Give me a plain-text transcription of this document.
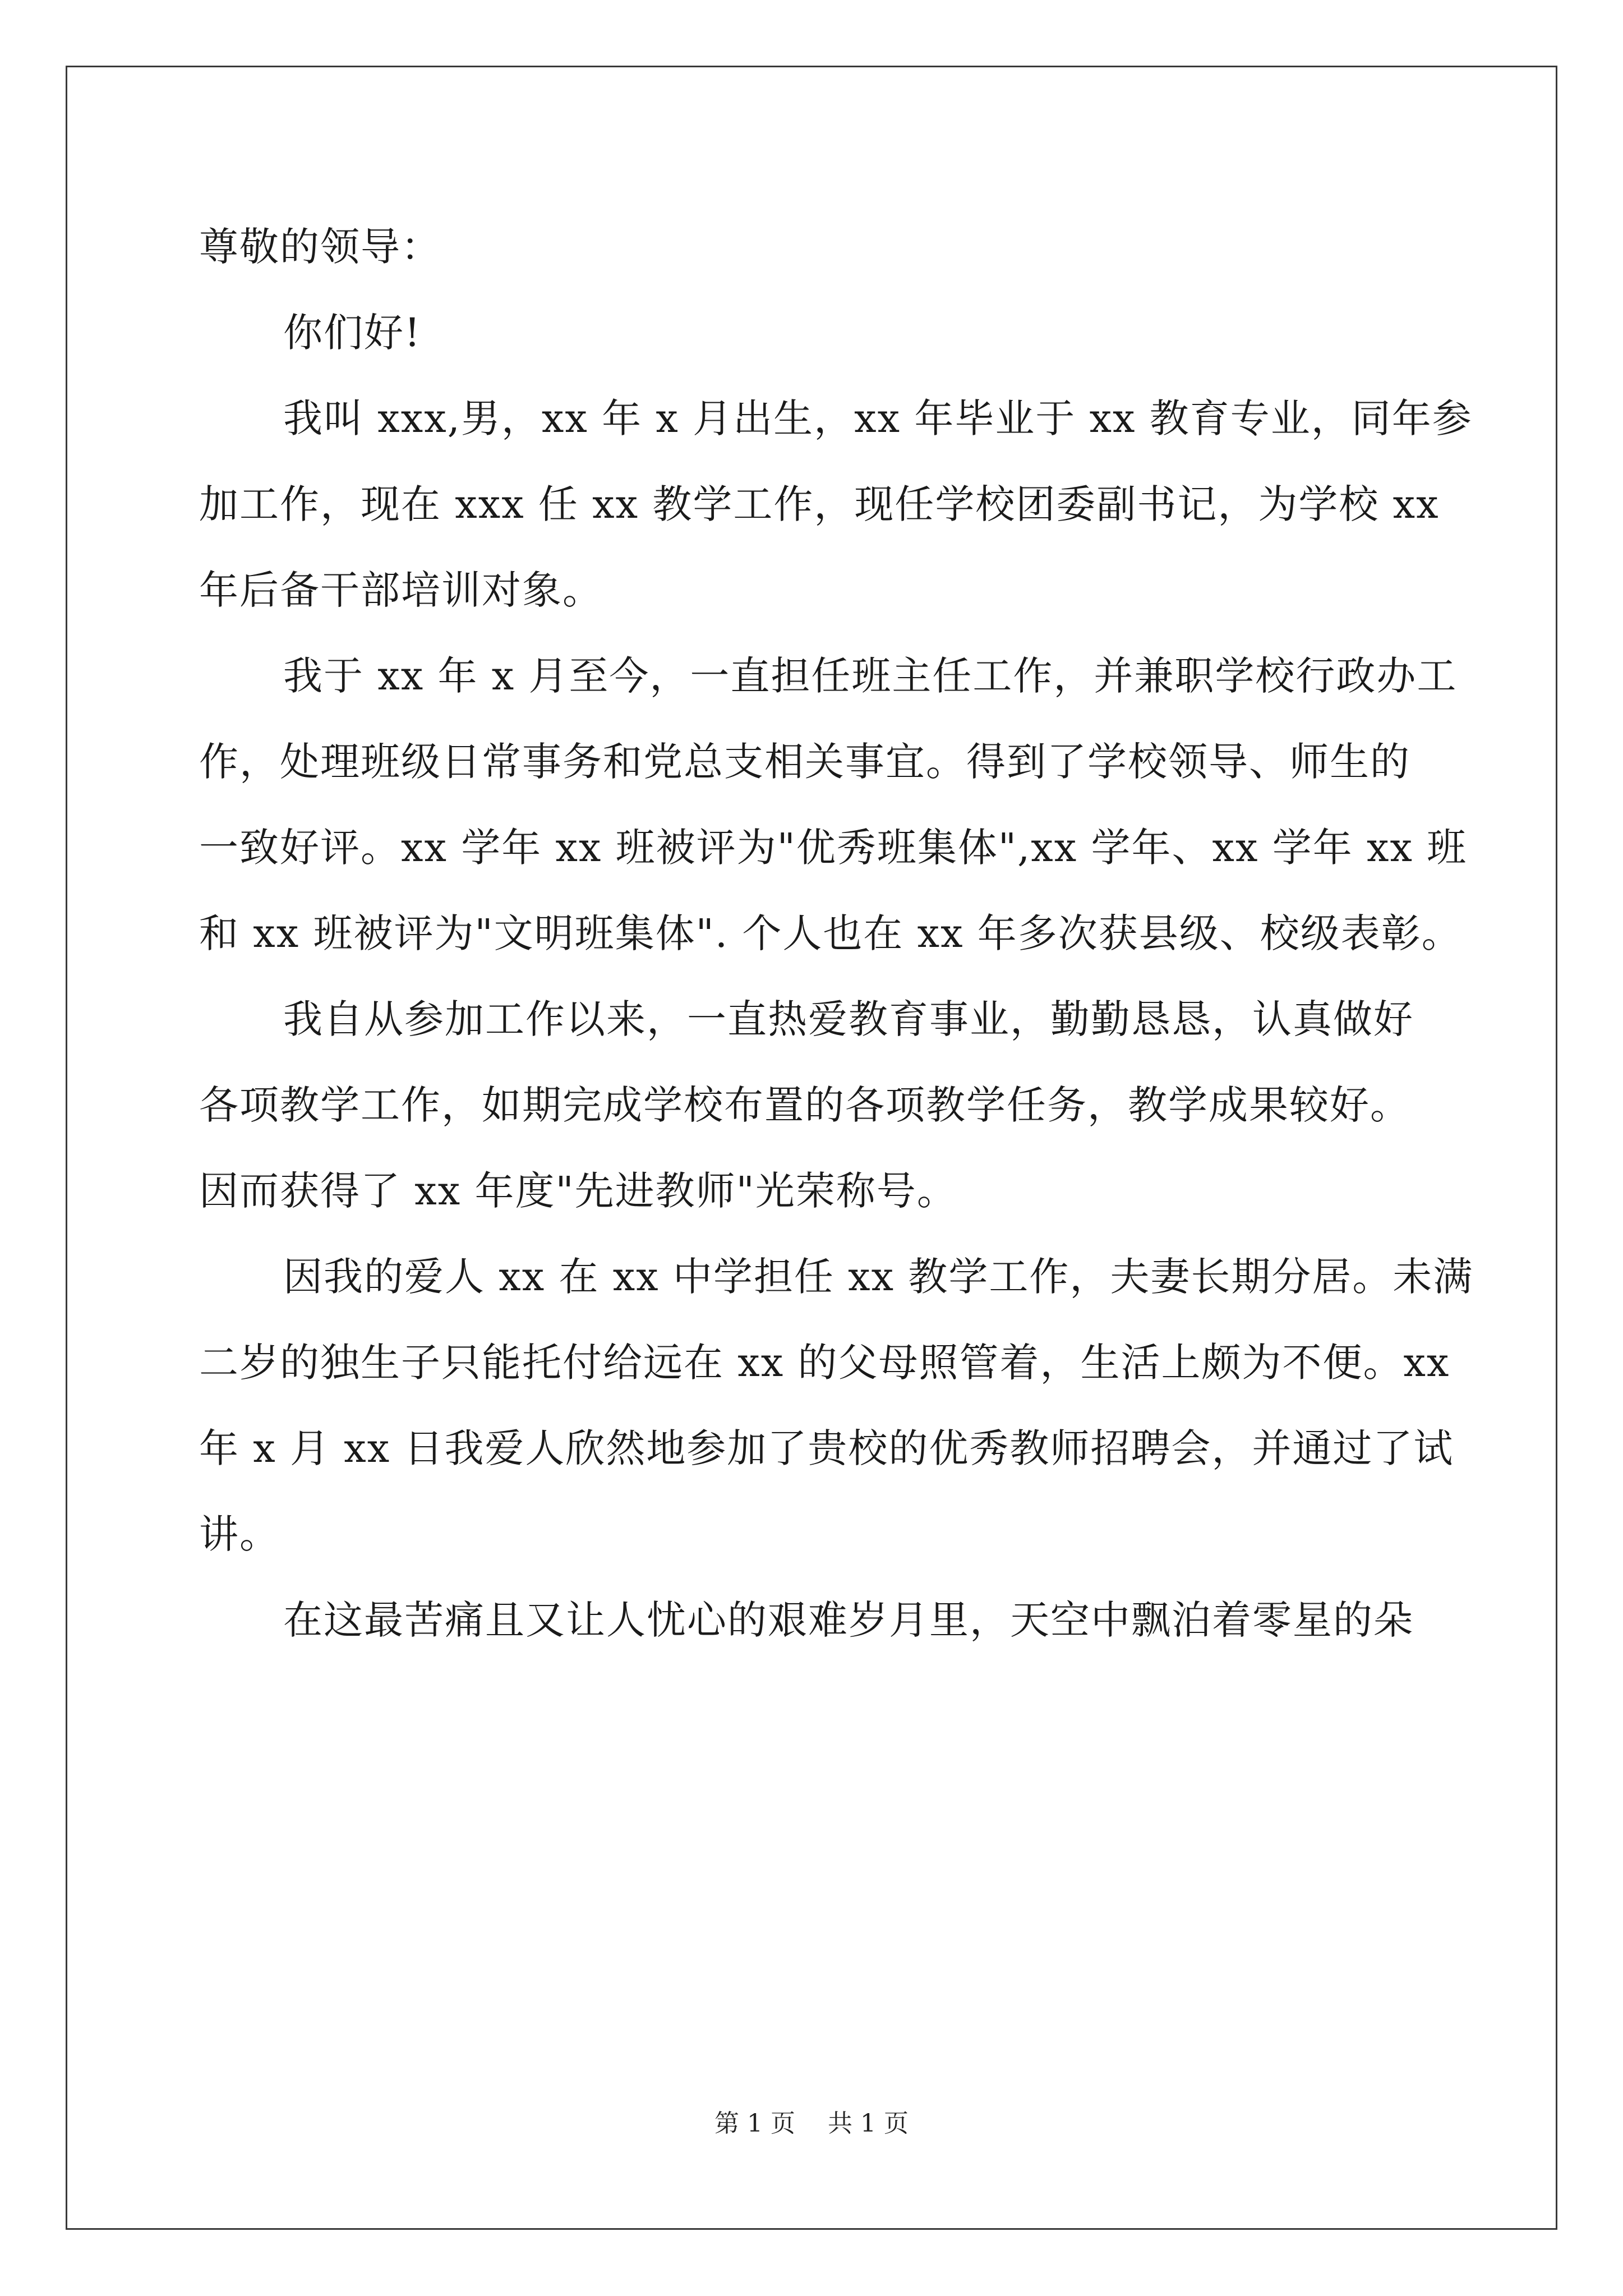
尊敬的领导：
你们好!
我叫 xxx,男，xx 年 x 月出生，xx 年毕业于 xx 教育专业，同年参
加工作，现在 xxx 任 xx 教学工作，现任学校团委副书记，为学校 xx
年后备干部培训对象。
我于 xx 年 x 月至今，一直担任班主任工作，并兼职学校行政办工
作，处理班级日常事务和党总支相关事宜。得到了学校领导、师生的
一致好评。xx 学年 xx 班被评为"优秀班集体",xx 学年、xx 学年 xx 班
和 xx 班被评为"文明班集体". 个人也在 xx 年多次获县级、校级表彰。
我自从参加工作以来，一直热爱教育事业，勤勤恳恳，认真做好
各项教学工作，如期完成学校布置的各项教学任务，教学成果较好。
因而获得了 xx 年度"先进教师"光荣称号。
因我的爱人 xx 在 xx 中学担任 xx 教学工作，夫妻长期分居。未满
二岁的独生子只能托付给远在 xx 的父母照管着，生活上颇为不便。xx
年 x 月 xx 日我爱人欣然地参加了贵校的优秀教师招聘会，并通过了试
讲。
在这最苦痛且又让人忧心的艰难岁月里，天空中飘泊着零星的朵
第 1 页　 共 1 页
